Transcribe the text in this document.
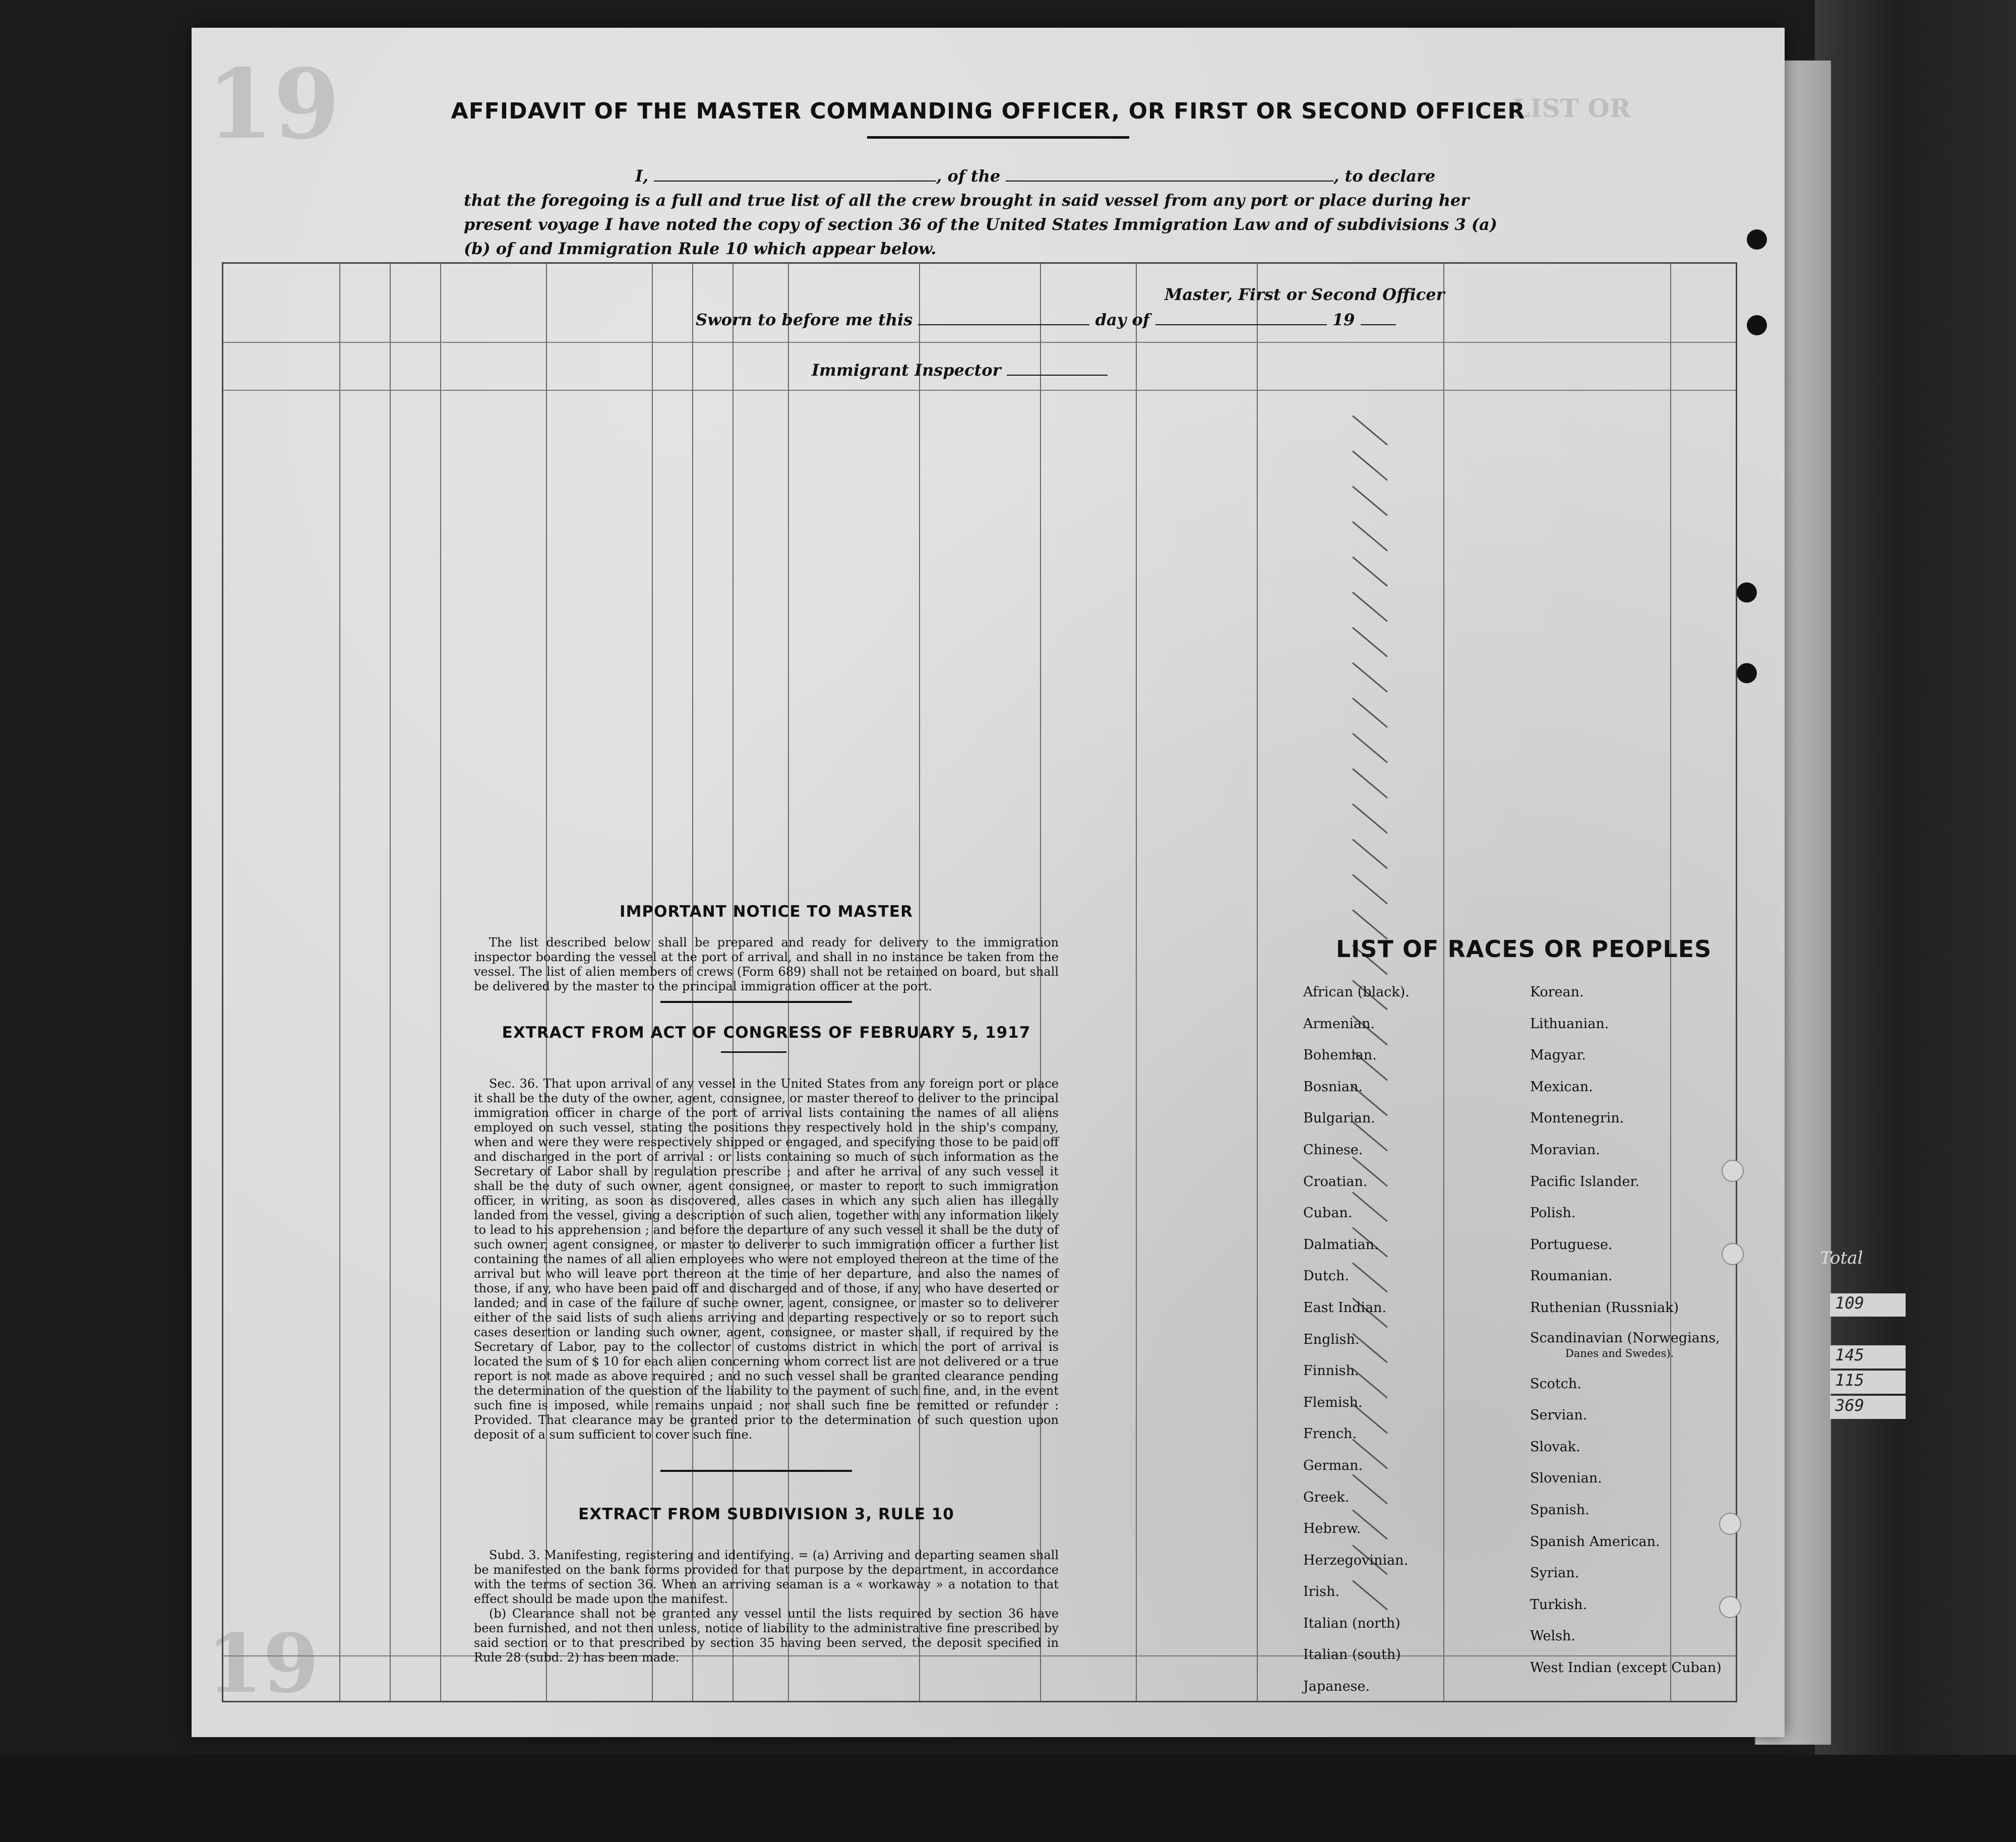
19	LIST OR
19
AFFIDAVIT OF THE MASTER COMMANDING OFFICER, OR FIRST OR SECOND OFFICER
I,	, of the	, to declare
that the foregoing is a full and true list of all the crew brought in said vessel from any port or place during her
present voyage I have noted the copy of section 36 of the United States Immigration Law and of subdivisions 3 (a)
(b) of and Immigration Rule 10 which appear below.
Master, First or Second Officer
Sworn to before me this	day of	19
Immigrant Inspector
IMPORTANT NOTICE TO MASTER
The list described below shall be prepared and ready for delivery to the immigration inspector boarding the vessel at the port of arrival, and shall in no instance be taken from the vessel. The list of alien members of crews (Form 689) shall not be retained on board, but shall be delivered by the master to the principal immigration officer at the port.
EXTRACT FROM ACT OF CONGRESS OF FEBRUARY 5, 1917
Sec. 36. That upon arrival of any vessel in the United States from any foreign port or place it shall be the duty of the owner, agent, consignee, or master thereof to deliver to the principal immigration officer in charge of the port of arrival lists containing the names of all aliens employed on such vessel, stating the positions they respectively hold in the ship's company, when and were they were respectively shipped or engaged, and specifying those to be paid off and discharged in the port of arrival : or lists containing so much of such information as the Secretary of Labor shall by regulation prescribe ; and after he arrival of any such vessel it shall be the duty of such owner, agent consignee, or master to report to such immigration officer, in writing, as soon as discovered, alles cases in which any such alien has illegally landed from the vessel, giving a description of such alien, together with any information likely to lead to his apprehension ; and before the departure of any such vessel it shall be the duty of such owner, agent consignee, or master to deliverer to such immigration officer a further list containing the names of all alien employees who were not employed thereon at the time of the arrival but who will leave port thereon at the time of her departure, and also the names of those, if any, who have been paid off and discharged and of those, if any, who have deserted or landed; and in case of the failure of suche owner, agent, consignee, or master so to deliverer either of the said lists of such aliens arriving and departing respectively or so to report such cases desertion or landing such owner, agent, consignee, or master shall, if required by the Secretary of Labor, pay to the collector of customs district in which the port of arrival is located the sum of $ 10 for each alien concerning whom correct list are not delivered or a true report is not made as above required ; and no such vessel shall be granted clearance pending the determination of the question of the liability to the payment of such fine, and, in the event such fine is imposed, while remains unpaid ; nor shall such fine be remitted or refunder : Provided. That clearance may be granted prior to the determination of such question upon deposit of a sum sufficient to cover such fine.
EXTRACT FROM SUBDIVISION 3, RULE 10
Subd. 3. Manifesting, registering and identifying. = (a) Arriving and departing seamen shall be manifested on the bank forms provided for that purpose by the department, in accordance with the terms of section 36. When an arriving seaman is a « workaway » a notation to that effect should be made upon the manifest.
(b) Clearance shall not be granted any vessel until the lists required by section 36 have been furnished, and not then unless, notice of liability to the administrative fine prescribed by said section or to that prescribed by section 35 having been served, the deposit specified in Rule 28 (subd. 2) has been made.
LIST OF RACES OR PEOPLES
African (black).
Armenian.
Bohemian.
Bosnian.
Bulgarian.
Chinese.
Croatian.
Cuban.
Dalmatian.
Dutch.
East Indian.
English.
Finnish.
Flemish.
French.
German.
Greek.
Hebrew.
Herzegovinian.
Irish.
Italian (north)
Italian (south)
Japanese.
Korean.
Lithuanian.
Magyar.
Mexican.
Montenegrin.
Moravian.
Pacific Islander.
Polish.
Portuguese.
Roumanian.
Ruthenian (Russniak)
Scandinavian (Norwegians,
Danes and Swedes).
Scotch.
Servian.
Slovak.
Slovenian.
Spanish.
Spanish American.
Syrian.
Turkish.
Welsh.
West Indian (except Cuban)
Total
109
145
115
369
